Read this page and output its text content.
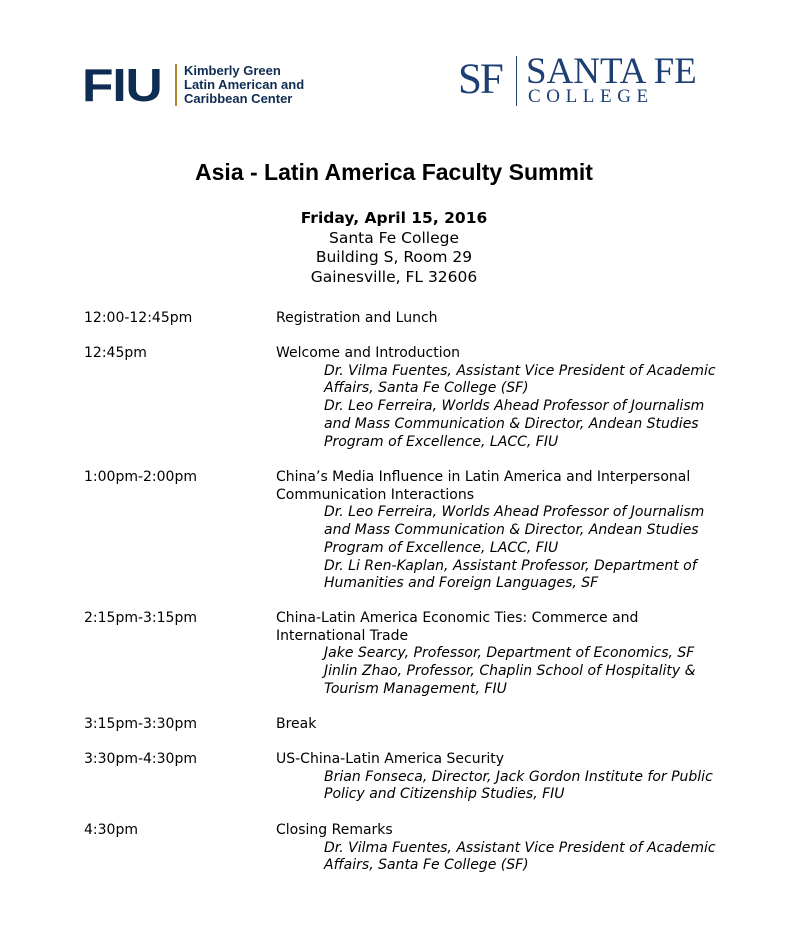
FIU Kimberly Green
Latin American and
Caribbean Center	SF SANTA FE
COLLEGE
Asia - Latin America Faculty Summit
Friday, April 15, 2016
Santa Fe College
Building S, Room 29
Gainesville, FL 32606
12:00-12:45pm	Registration and Lunch
12:45pm	Welcome and Introduction
Dr. Vilma Fuentes, Assistant Vice President of Academic Affairs, Santa Fe College (SF)
Dr. Leo Ferreira, Worlds Ahead Professor of Journalism and Mass Communication & Director, Andean Studies Program of Excellence, LACC, FIU
1:00pm-2:00pm	China’s Media Influence in Latin America and Interpersonal Communication Interactions
Dr. Leo Ferreira, Worlds Ahead Professor of Journalism and Mass Communication & Director, Andean Studies Program of Excellence, LACC, FIU
Dr. Li Ren-Kaplan, Assistant Professor, Department of Humanities and Foreign Languages, SF
2:15pm-3:15pm	China-Latin America Economic Ties: Commerce and International Trade
Jake Searcy, Professor, Department of Economics, SF
Jinlin Zhao, Professor, Chaplin School of Hospitality & Tourism Management, FIU
3:15pm-3:30pm	Break
3:30pm-4:30pm	US-China-Latin America Security
Brian Fonseca, Director, Jack Gordon Institute for Public Policy and Citizenship Studies, FIU
4:30pm	Closing Remarks
Dr. Vilma Fuentes, Assistant Vice President of Academic Affairs, Santa Fe College (SF)
